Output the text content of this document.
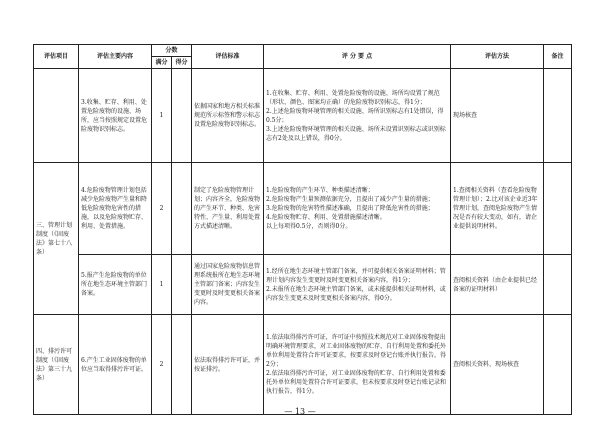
评估项目	评估主要内容	分数		评估标准	评 分 要 点	评估方法	备注
		满分	得分				
	3.收集、贮存、利用、处置危险废物的设施、场所，应当按照规定设置危险废物识别标志。	1		依据国家和地方相关标准规范所示标签和警示标志设置危险废物识别标志。	1.在收集、贮存、利用、处置危险废物的设施、场所均设置了规范（形状、颜色、图案均正确）的危险废物识别标志，得1分；
2.上述危险废物环境管理的相关设施、场所识别标志有1处错误，得0.5分；
3.上述危险废物环境管理的相关设施、场所未设置识别标志或识别标志有2处及以上错误，得0分。	现场核查	
三、管理计划制度（《固废法》第七十八条）	4.危险废物管理计划包括减少危险废物产生量和降低危险废物危害性的措施，以及危险废物贮存、利用、处置措施。	2		制定了危险废物管理计划；内容齐全，危险废物的产生环节、种类、危害特性、产生量、利用处置方式描述清晰。	1.危险废物的产生环节、种类描述清晰；
2.危险废物产生量预测依据充分，且提出了减少产生量的措施；
3.危险废物的危害特性描述准确，且提出了降低危害性的措施；
4.危险废物贮存、利用、处置措施描述清晰。
以上每项得0.5分，否则得0分。	1.查阅相关资料（查看危险废物管理计划）；2.比对该企业近3年管理计划，查阅危险废物产生情况是否有较大变动，如有，请企业提供说明材料。	
	5.报产生危险废物的单位所在地生态环境主管部门备案。	1		通过国家危险废物信息管理系统报所在地生态环境主管部门备案；内容发生变更时及时变更相关备案内容。	1.经所在地生态环境主管部门备案，并可提供相关备案证明材料；管理计划内容发生变更时及时变更相关备案内容，得1分；
2.未报所在地生态环境主管部门备案，或未能提供相关证明材料，或内容发生变更未及时变更相关备案内容，得0分。	查阅相关资料（由企业提供已经备案的证明材料）	
四、排污许可制度（《固废法》第三十九条）	6.产生工业固体废物的单位应当取得排污许可证。	2		依法取得排污许可证，并按证排污。	1.依法取得排污许可证，许可证中按照技术规范对工业固体废物提出明确环境管理要求，对工业固体废物的贮存、自行利用处置和委托外单位利用处置符合许可证要求，按要求及时登记台账并执行报告，得2分；
2.依法取得排污许可证，对工业固体废物的贮存、自行利用处置和委托外单位利用处置符合许可证要求，但未按要求及时登记台账记录和执行报告，得1分。	查阅相关资料、现场核查	
— 13 —
